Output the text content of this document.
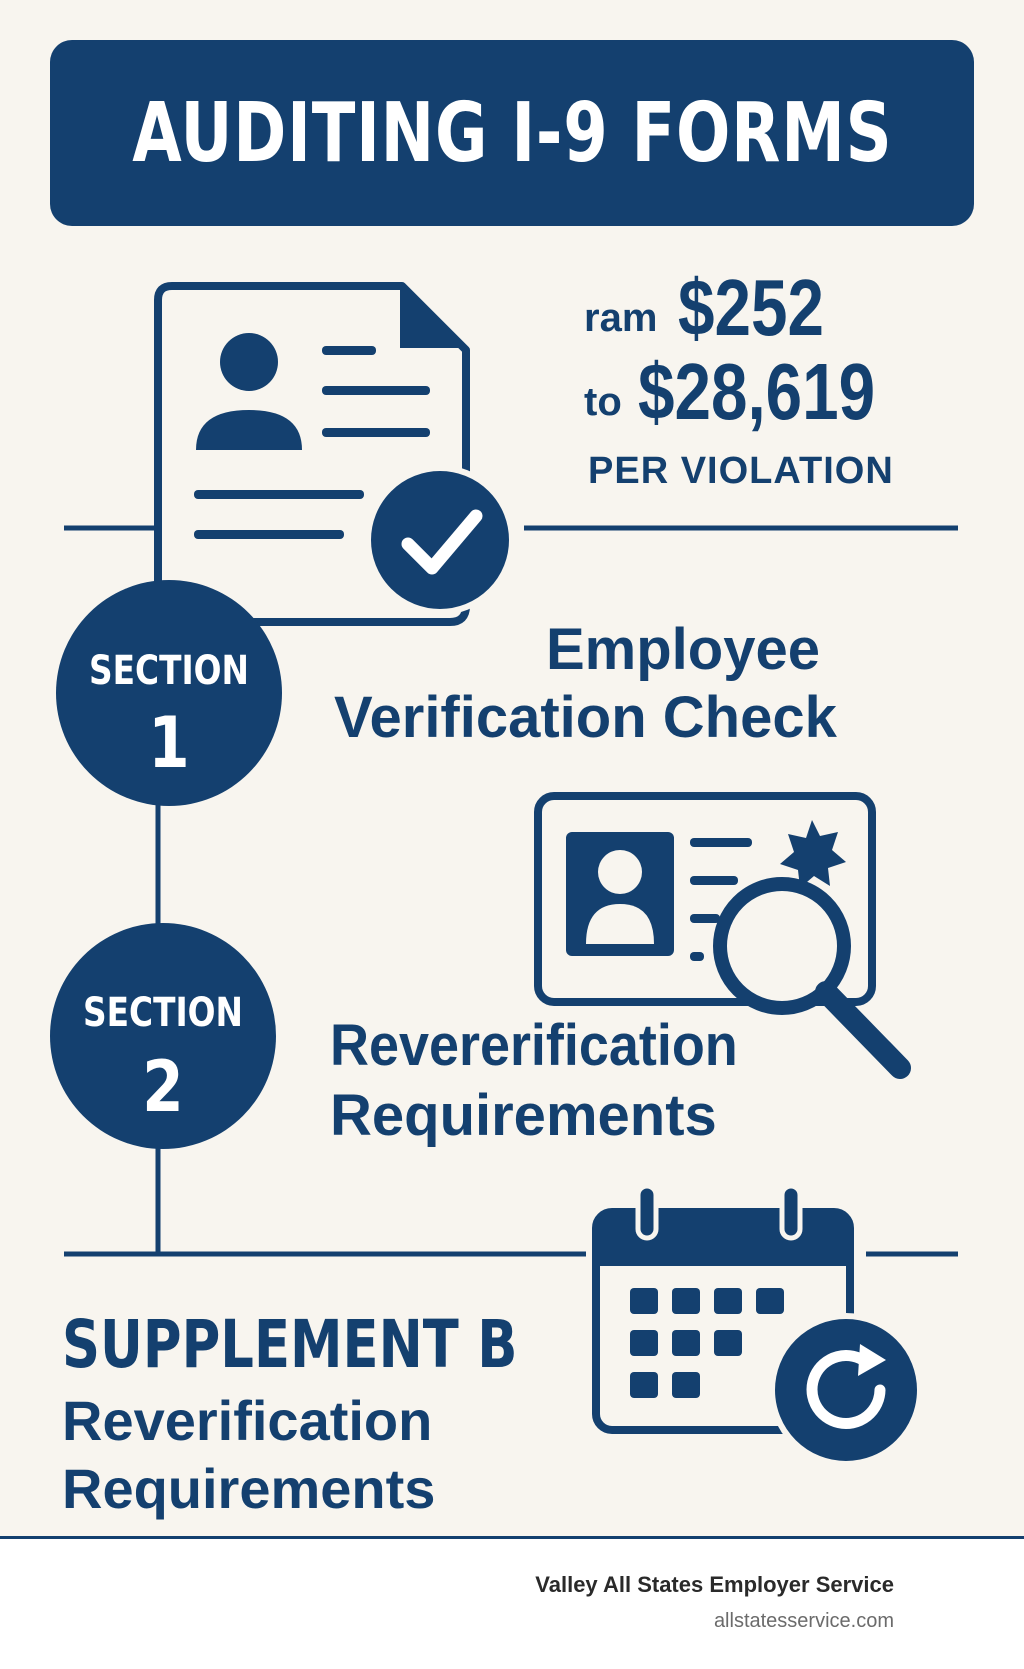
AUDITING I-9 FORMS
ram $252
to $28,619
PER VIOLATION
SECTION
1
Employee
Verification Check
SECTION
2
Revererification
Requirements
SUPPLEMENT B
Reverification
Requirements
Valley All States Employer Service
allstatesservice.com
